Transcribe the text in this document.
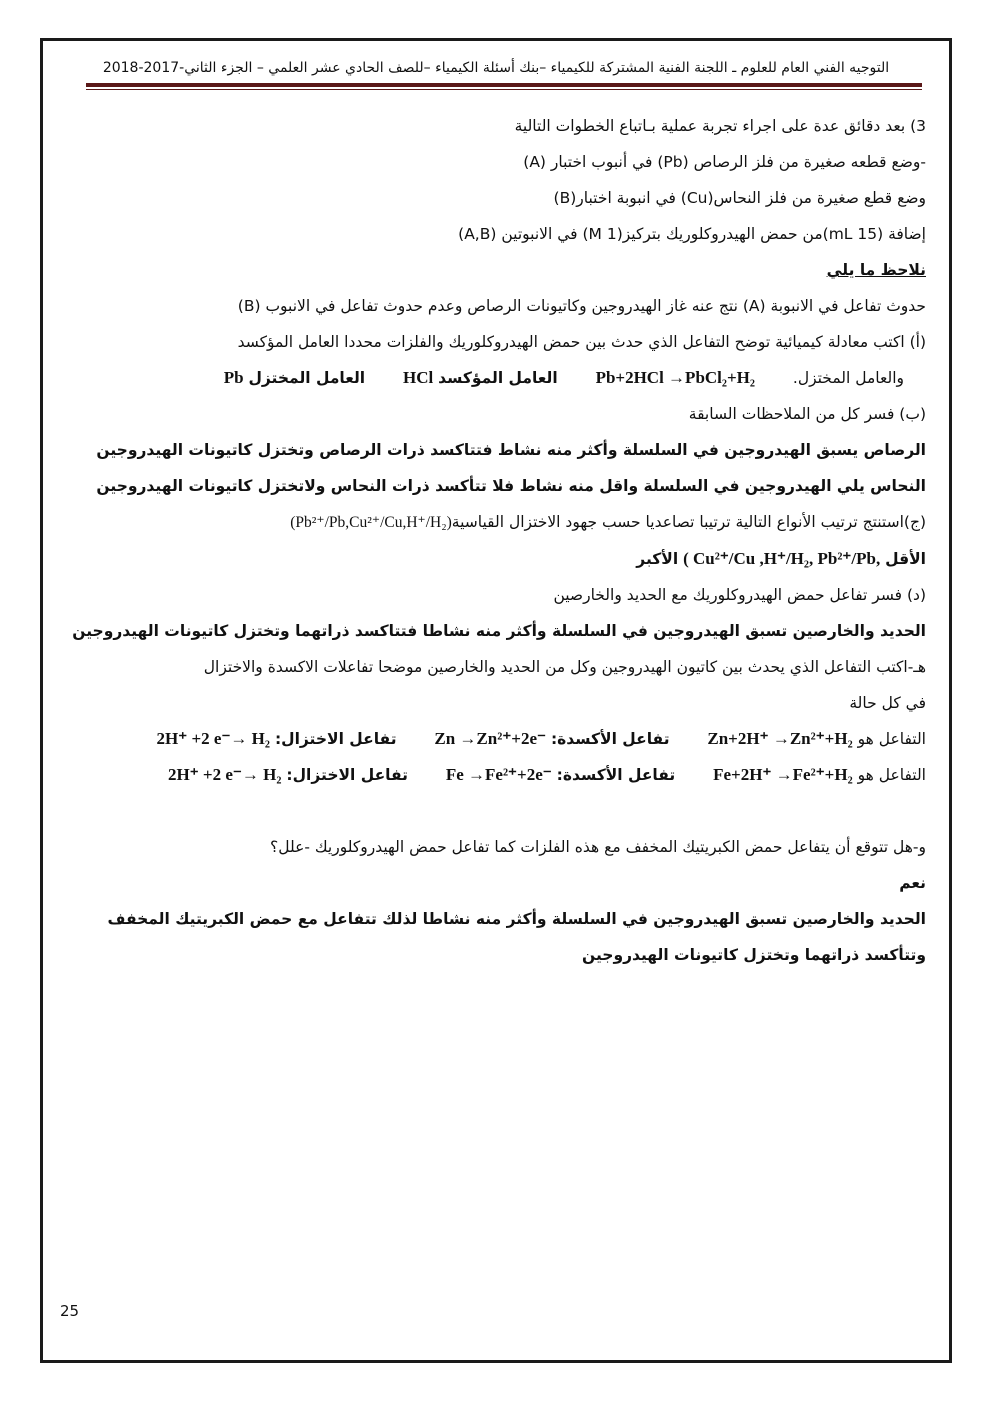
التوجيه الفني العام للعلوم ـ اللجنة الفنية المشتركة للكيمياء –بنك أسئلة الكيمياء –للصف الحادي عشر العلمي – الجزء الثاني-2017-2018

3) بعد دقائق عدة على اجراء تجربة عملية بـاتباع الخطوات التالية

-وضع قطعه صغيرة من فلز الرصاص (Pb) في أنبوب اختبار (A)

وضع قطع صغيرة من فلز النحاس(Cu) في انبوبة اختبار(B)

إضافة (15 mL)من حمض الهيدروكلوريك بتركيز(1 M) في الانبوتين (A,B)

نلاحظ ما يلي

حدوث تفاعل في الانبوبة (A) نتج عنه غاز الهيدروجين وكاتيونات الرصاص وعدم حدوث تفاعل في الانبوب (B)

(أ) اكتب معادلة كيميائية توضح التفاعل الذي حدث بين حمض الهيدروكلوريك والفلزات محددا العامل المؤكسد

والعامل المختزل.  Pb+2HCl →PbCl₂+H₂  العامل المؤكسد HCl  العامل المختزل Pb

(ب) فسر كل من الملاحظات السابقة

الرصاص يسبق الهيدروجين في السلسلة وأكثر منه نشاط فتتاكسد ذرات الرصاص وتختزل كاتيونات الهيدروجين

النحاس يلي الهيدروجين في السلسلة واقل منه نشاط فلا تتأكسد ذرات النحاس ولاتختزل كاتيونات الهيدروجين

(ج)استنتج ترتيب الأنواع التالية ترتيبا تصاعديا حسب جهود الاختزال القياسية(Pb²⁺/Pb,Cu²⁺/Cu,H⁺/H₂)

الأقل ( Cu²⁺/Cu ,H⁺/H₂, Pb²⁺/Pb, الأكبر

(د) فسر تفاعل حمض الهيدروكلوريك مع الحديد والخارصين

الحديد والخارصين تسبق الهيدروجين في السلسلة وأكثر منه نشاطا فتتاكسد ذراتهما وتختزل كاتيونات الهيدروجين

هـ-اكتب التفاعل الذي يحدث بين كاتيون الهيدروجين وكل من الحديد والخارصين موضحا تفاعلات الاكسدة والاختزال

في كل حالة

التفاعل هو Zn+2H⁺ →Zn²⁺+H₂  تفاعل الأكسدة: Zn →Zn²⁺+2e⁻  تفاعل الاختزال: 2H⁺ +2 e⁻→ H₂

التفاعل هو Fe+2H⁺ →Fe²⁺+H₂  تفاعل الأكسدة: Fe →Fe²⁺+2e⁻  تفاعل الاختزال: 2H⁺ +2 e⁻→ H₂

و-هل تتوقع أن يتفاعل حمض الكبريتيك المخفف مع هذه الفلزات كما تفاعل حمض الهيدروكلوريك -علل؟

نعم

الحديد والخارصين تسبق الهيدروجين في السلسلة وأكثر منه نشاطا لذلك تتفاعل مع حمض الكبريتيك المخفف

وتتأكسد ذراتهما وتختزل كاتيونات الهيدروجين

25
